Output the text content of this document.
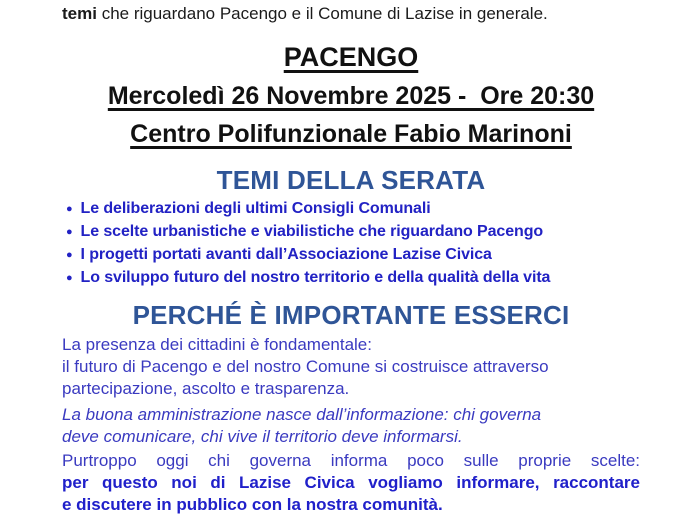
temi che riguardano Pacengo e il Comune di Lazise in generale.
PACENGO
Mercoledì 26 Novembre 2025 -  Ore 20:30
Centro Polifunzionale Fabio Marinoni
TEMI DELLA SERATA
● Le deliberazioni degli ultimi Consigli Comunali
● Le scelte urbanistiche e viabilistiche che riguardano Pacengo
● I progetti portati avanti dall’Associazione Lazise Civica
● Lo sviluppo futuro del nostro territorio e della qualità della vita
PERCHÉ È IMPORTANTE ESSERCI
La presenza dei cittadini è fondamentale:
il futuro di Pacengo e del nostro Comune si costruisce attraverso
partecipazione, ascolto e trasparenza.
La buona amministrazione nasce dall’informazione: chi governa
deve comunicare, chi vive il territorio deve informarsi.
Purtroppo oggi chi governa informa poco sulle proprie scelte:
per questo noi di Lazise Civica vogliamo informare, raccontare
e discutere in pubblico con la nostra comunità.
